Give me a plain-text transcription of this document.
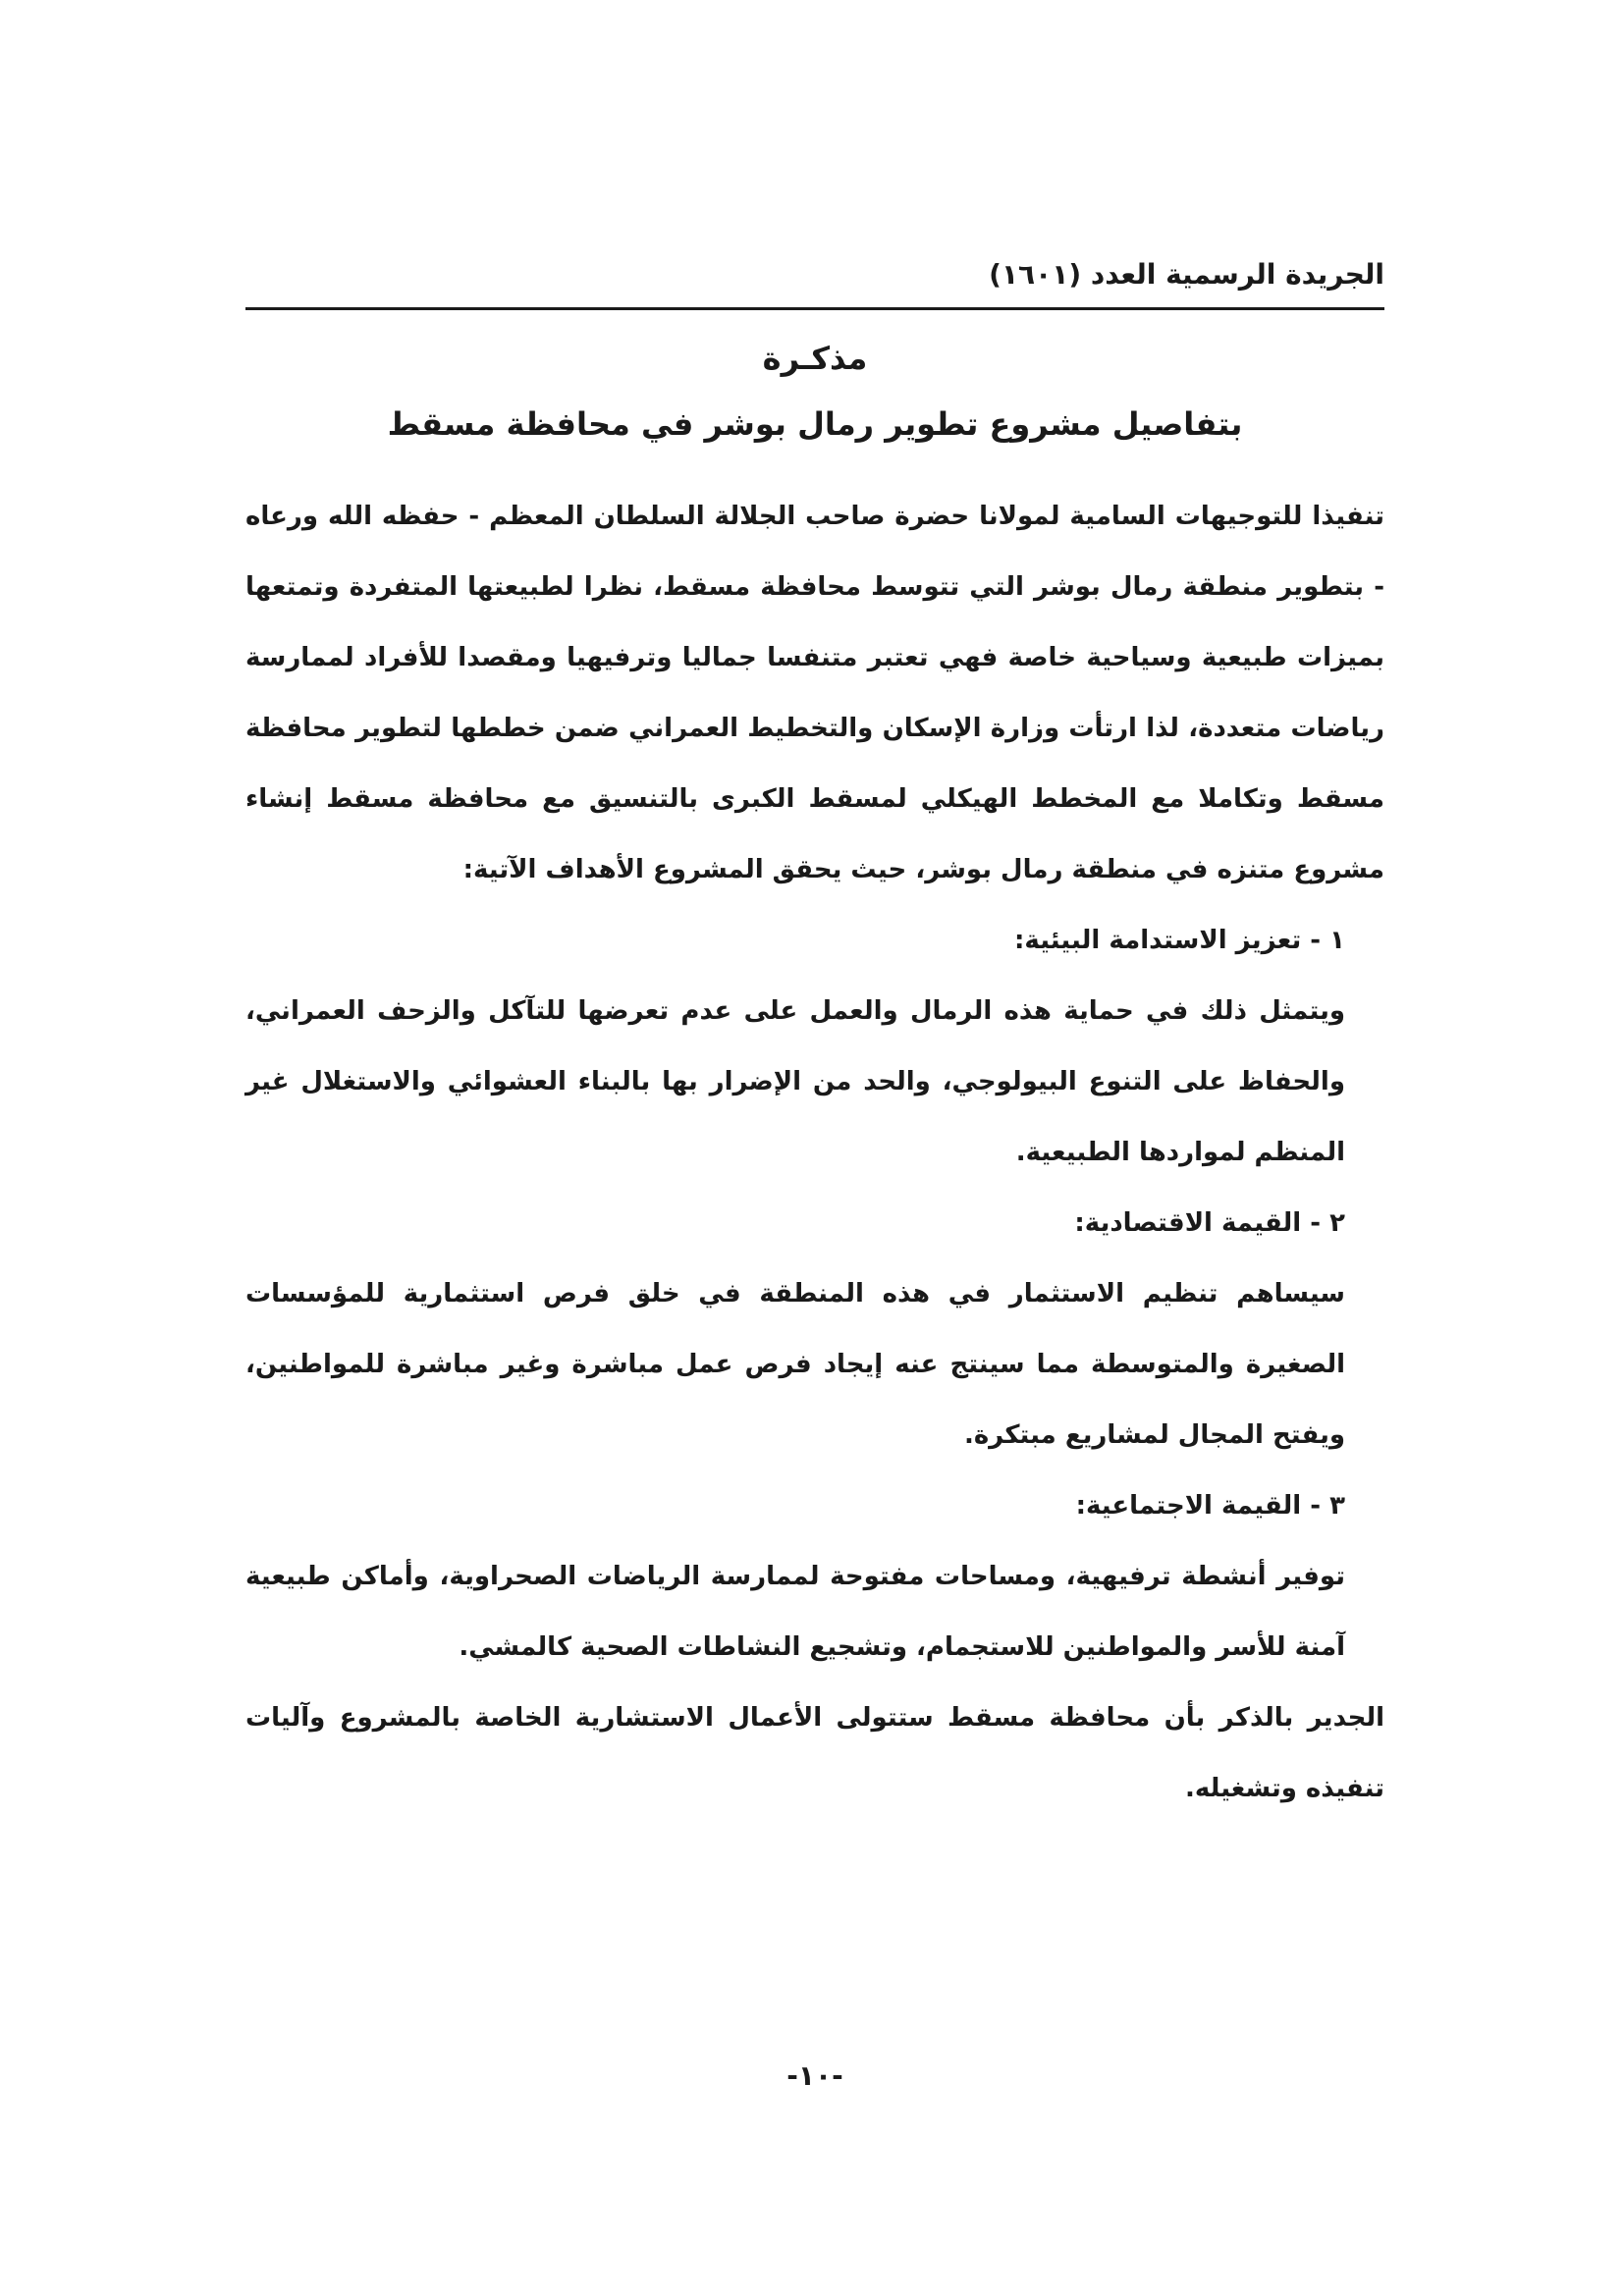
الجريدة الرسمية العدد (١٦٠١)
مذكـرة
بتفاصيل مشروع تطوير رمال بوشر في محافظة مسقط

تنفيذا للتوجيهات السامية لمولانا حضرة صاحب الجلالة السلطان المعظم - حفظه الله ورعاه - بتطوير منطقة رمال بوشر التي تتوسط محافظة مسقط، نظرا لطبيعتها المتفردة وتمتعها بميزات طبيعية وسياحية خاصة فهي تعتبر متنفسا جماليا وترفيهيا ومقصدا للأفراد لممارسة رياضات متعددة، لذا ارتأت وزارة الإسكان والتخطيط العمراني ضمن خططها لتطوير محافظة مسقط وتكاملا مع المخطط الهيكلي لمسقط الكبرى بالتنسيق مع محافظة مسقط إنشاء مشروع متنزه في منطقة رمال بوشر، حيث يحقق المشروع الأهداف الآتية:

١ - تعزيز الاستدامة البيئية:

ويتمثل ذلك في حماية هذه الرمال والعمل على عدم تعرضها للتآكل والزحف العمراني، والحفاظ على التنوع البيولوجي، والحد من الإضرار بها بالبناء العشوائي والاستغلال غير المنظم لمواردها الطبيعية.

٢ - القيمة الاقتصادية:

سيساهم تنظيم الاستثمار في هذه المنطقة في خلق فرص استثمارية للمؤسسات الصغيرة والمتوسطة مما سينتج عنه إيجاد فرص عمل مباشرة وغير مباشرة للمواطنين، ويفتح المجال لمشاريع مبتكرة.

٣ - القيمة الاجتماعية:

توفير أنشطة ترفيهية، ومساحات مفتوحة لممارسة الرياضات الصحراوية، وأماكن طبيعية آمنة للأسر والمواطنين للاستجمام، وتشجيع النشاطات الصحية كالمشي.

الجدير بالذكر بأن محافظة مسقط ستتولى الأعمال الاستشارية الخاصة بالمشروع وآليات تنفيذه وتشغيله.

-١٠-
